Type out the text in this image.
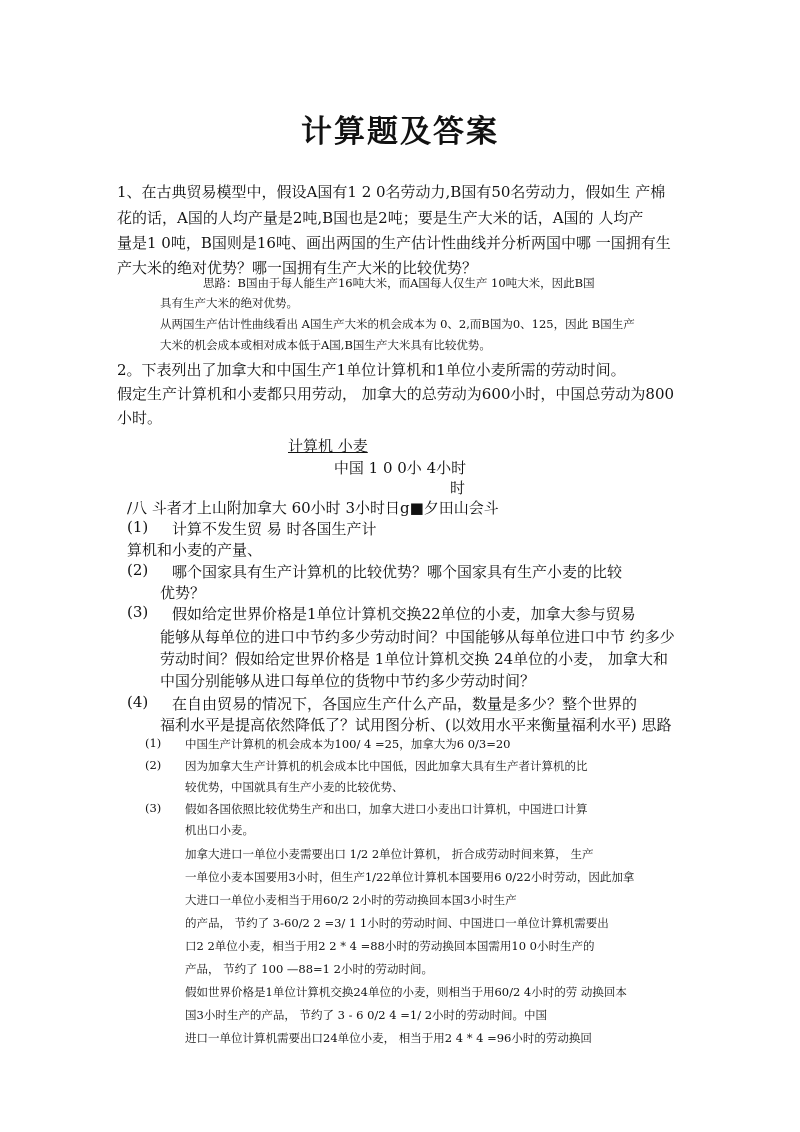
计算题及答案

1、在古典贸易模型中，假设A国有1 2 0名劳动力,B国有50名劳动力，假如生 产棉

花的话，A国的人均产量是2吨,B国也是2吨；要是生产大米的话，A国的 人均产

量是1 0吨，B国则是16吨、画出两国的生产估计性曲线并分析两国中哪 一国拥有生

产大米的绝对优势？哪一国拥有生产大米的比较优势？

思路：B国由于每人能生产16吨大米，而A国每人仅生产 10吨大米，因此B国

具有生产大米的绝对优势。

从两国生产估计性曲线看出 A国生产大米的机会成本为 0、2,而B国为0、125，因此 B国生产

大米的机会成本或相对成本低于A国,B国生产大米具有比较优势。

2。下表列出了加拿大和中国生产1单位计算机和1单位小麦所需的劳动时间。

假定生产计算机和小麦都只用劳动， 加拿大的总劳动为600小时，中国总劳动为800

小时。

计算机 小麦

中国 1 0 0小 4小时

时

/八 斗者才上山附加拿大 60小时 3小时日g■夕田山会斗

(1) 计算不发生贸 易 时各国生产计

算机和小麦的产量、

(2) 哪个国家具有生产计算机的比较优势？哪个国家具有生产小麦的比较

优势？

(3) 假如给定世界价格是1单位计算机交换22单位的小麦，加拿大参与贸易

能够从每单位的进口中节约多少劳动时间？中国能够从每单位进口中节 约多少

劳动时间？假如给定世界价格是 1单位计算机交换 24单位的小麦， 加拿大和

中国分别能够从进口每单位的货物中节约多少劳动时间？

(4) 在自由贸易的情况下，各国应生产什么产品，数量是多少？整个世界的

福利水平是提高依然降低了？试用图分析、(以效用水平来衡量福利水平) 思路

(1) 中国生产计算机的机会成本为100/ 4 =25，加拿大为6 0/3=20

(2) 因为加拿大生产计算机的机会成本比中国低，因此加拿大具有生产者计算机的比

较优势，中国就具有生产小麦的比较优势、

(3) 假如各国依照比较优势生产和出口，加拿大进口小麦出口计算机，中国进口计算

机出口小麦。

加拿大进口一单位小麦需要出口 1/2 2单位计算机， 折合成劳动时间来算， 生产

一单位小麦本国要用3小时，但生产1/22单位计算机本国要用6 0/22小时劳动，因此加拿

大进口一单位小麦相当于用60/2 2小时的劳动换回本国3小时生产

的产品， 节约了 3-60/2 2 =3/ 1 1小时的劳动时间、中国进口一单位计算机需要出

口2 2单位小麦，相当于用2 2 * 4 =88小时的劳动换回本国需用10 0小时生产的

产品， 节约了 100 —88=1 2小时的劳动时间。

假如世界价格是1单位计算机交换24单位的小麦，则相当于用60/2 4小时的劳 动换回本

国3小时生产的产品， 节约了 3 - 6 0/2 4 =1/ 2小时的劳动时间。中国

进口一单位计算机需要出口24单位小麦， 相当于用2 4 * 4 =96小时的劳动换回
